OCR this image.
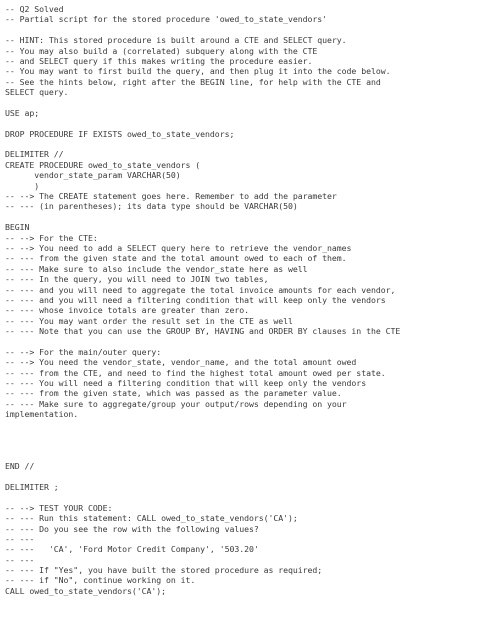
-- Q2 Solved
-- Partial script for the stored procedure 'owed_to_state_vendors'
-- HINT: This stored procedure is built around a CTE and SELECT query.
-- You may also build a (correlated) subquery along with the CTE
-- and SELECT query if this makes writing the procedure easier.
-- You may want to first build the query, and then plug it into the code below.
-- See the hints below, right after the BEGIN line, for help with the CTE and
SELECT query.
USE ap;
DROP PROCEDURE IF EXISTS owed_to_state_vendors;
DELIMITER //
CREATE PROCEDURE owed_to_state_vendors (
vendor_state_param VARCHAR(50)
)
-- --> The CREATE statement goes here. Remember to add the parameter
-- --- (in parentheses); its data type should be VARCHAR(50)
BEGIN
-- --> For the CTE:
-- --> You need to add a SELECT query here to retrieve the vendor_names
-- --- from the given state and the total amount owed to each of them.
-- --- Make sure to also include the vendor_state here as well
-- --- In the query, you will need to JOIN two tables,
-- --- and you will need to aggregate the total invoice amounts for each vendor,
-- --- and you will need a filtering condition that will keep only the vendors
-- --- whose invoice totals are greater than zero.
-- --- You may want order the result set in the CTE as well
-- --- Note that you can use the GROUP BY, HAVING and ORDER BY clauses in the CTE
-- --> For the main/outer query:
-- --> You need the vendor_state, vendor_name, and the total amount owed
-- --- from the CTE, and need to find the highest total amount owed per state.
-- --- You will need a filtering condition that will keep only the vendors
-- --- from the given state, which was passed as the parameter value.
-- --- Make sure to aggregate/group your output/rows depending on your
implementation.
END //
DELIMITER ;
-- --> TEST YOUR CODE:
-- --- Run this statement: CALL owed_to_state_vendors('CA');
-- --- Do you see the row with the following values?
-- ---
-- ---   'CA', 'Ford Motor Credit Company', '503.20'
-- ---
-- --- If "Yes", you have built the stored procedure as required;
-- --- if "No", continue working on it.
CALL owed_to_state_vendors('CA');
